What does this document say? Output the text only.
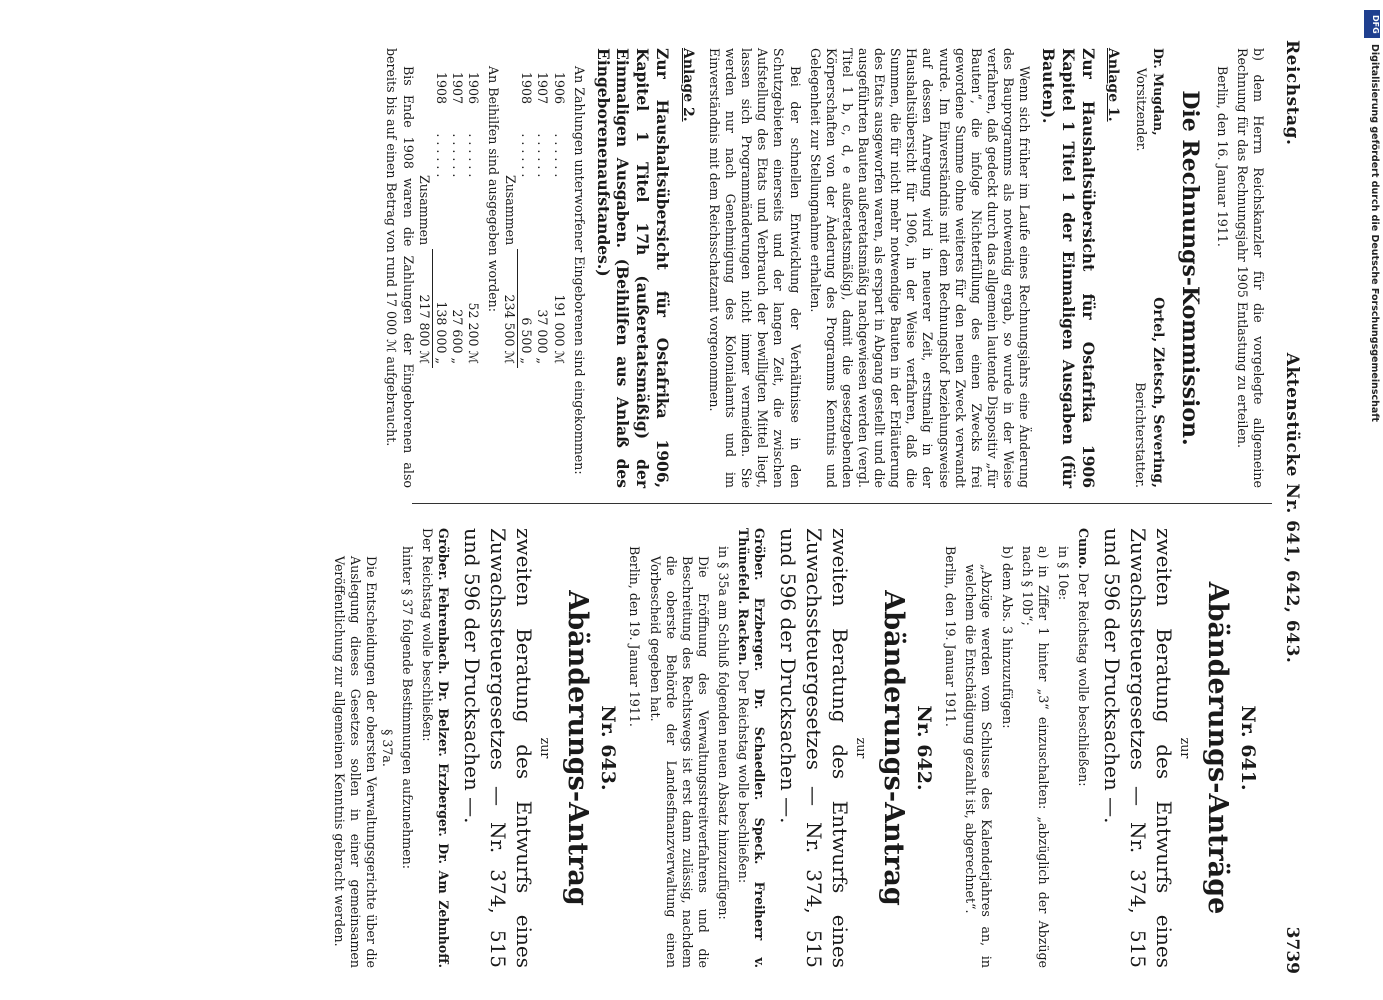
Reichstag.
Aktenstücke Nr. 641, 642, 643.
3739

b) dem Herrn Reichskanzler für die vorgelegte allgemeine Rechnung für das Rechnungsjahr 1905 Entlastung zu erteilen.

Berlin, den 16. Januar 1911.

Die Rechnungs-Kommission.
Dr. Mugdan,
Vorsitzender.
Ortel, Zietsch, Severing,
Berichterstatter.
Anlage 1.
Zur Haushaltsübersicht für Ostafrika 1906 Kapitel 1 Titel 1 der Einmaligen Ausgaben (für Bauten).

Wenn sich früher im Laufe eines Rechnungsjahrs eine Änderung des Bauprogramms als notwendig ergab, so wurde in der Weise verfahren, daß gedeckt durch das allgemein lautende Dispositiv „für Bauten“, die infolge Nichterfüllung des einen Zwecks frei gewordene Summe ohne weiteres für den neuen Zweck verwandt wurde. Im Einverständnis mit dem Rechnungshof beziehungsweise auf dessen Anregung wird in neuerer Zeit, erstmalig in der Haushaltsübersicht für 1906, in der Weise verfahren, daß die Summen, die für nicht mehr notwendige Bauten in der Erläuterung des Etats ausgeworfen waren, als erspart in Abgang gestellt und die ausgeführten Bauten außeretatsmäßig nachgewiesen werden (vergl. Titel 1 b, c, d, e außeretatsmäßig), damit die gesetzgebenden Körperschaften von der Änderung des Programms Kenntnis und Gelegenheit zur Stellungnahme erhalten.

Bei der schnellen Entwicklung der Verhältnisse in den Schutzgebieten einerseits und der langen Zeit, die zwischen Aufstellung des Etats und Verbrauch der bewilligten Mittel liegt, lassen sich Programmänderungen nicht immer vermeiden. Sie werden nur nach Genehmigung des Kolonialamts und im Einverständnis mit dem Reichsschatzamt vorgenommen.

Anlage 2.
Zur Haushaltsübersicht für Ostafrika 1906, Kapitel 1 Titel 17h (außeretatsmäßig) der Einmaligen Ausgaben. (Beihilfen aus Anlaß des Eingeborenenaufstandes.)

An Zahlungen unterworfener Eingeborenen sind eingekommen:

1906	. . . . . .	191 000 ℳ
1907	. . . . . .	37 000 „
1908	. . . . . .	6 500 „
	Zusammen	234 500 ℳ

An Beihilfen sind ausgegeben worden:

1906	. . . . . .	52 200 ℳ
1907	. . . . . .	27 600 „
1908	. . . . . .	138 000 „
	Zusammen	217 800 ℳ

Bis Ende 1908 waren die Zahlungen der Eingeborenen also bereits bis auf einen Betrag von rund 17 000 ℳ aufgebraucht.

Nr. 641.
Abänderungs-Anträge
zur
zweiten Beratung des Entwurfs eines Zuwachssteuergesetzes — Nr. 374, 515 und 596 der Drucksachen —.

Cuno. Der Reichstag wolle beschließen:

in § 10e:

a) in Ziffer 1 hinter „3“ einzuschalten: „abzüglich der Abzüge nach § 10b“;

b) dem Abs. 3 hinzuzufügen:

„Abzüge werden vom Schlusse des Kalenderjahres an, in welchem die Entschädigung gezahlt ist, abgerechnet“.

Berlin, den 19. Januar 1911.

Nr. 642.
Abänderungs-Antrag
zur
zweiten Beratung des Entwurfs eines Zuwachssteuergesetzes — Nr. 374, 515 und 596 der Drucksachen —.

Gröber. Erzberger. Dr. Schaedler. Speck. Freiherr v. Thünefeld. Racken. Der Reichstag wolle beschließen:

in § 35a am Schluß folgenden neuen Absatz hinzuzufügen:

Die Eröffnung des Verwaltungsstreitverfahrens und die Beschreitung des Rechtswegs ist erst dann zulässig, nachdem die oberste Behörde der Landesfinanzverwaltung einen Vorbescheid gegeben hat.

Berlin, den 19. Januar 1911.

Nr. 643.
Abänderungs-Antrag
zur
zweiten Beratung des Entwurfs eines Zuwachssteuergesetzes — Nr. 374, 515 und 596 der Drucksachen —.

Gröber. Fehrenbach. Dr. Belzer. Erzberger. Dr. Am Zehnhoff. Der Reichstag wolle beschließen:

hinter § 37 folgende Bestimmungen aufzunehmen:

§ 37a.

Die Entscheidungen der obersten Verwaltungsgerichte über die Auslegung dieses Gesetzes sollen in einer gemeinsamen Veröffentlichung zur allgemeinen Kenntnis gebracht werden.

DFG
Digitalisierung gefördert durch die Deutsche Forschungsgemeinschaft
